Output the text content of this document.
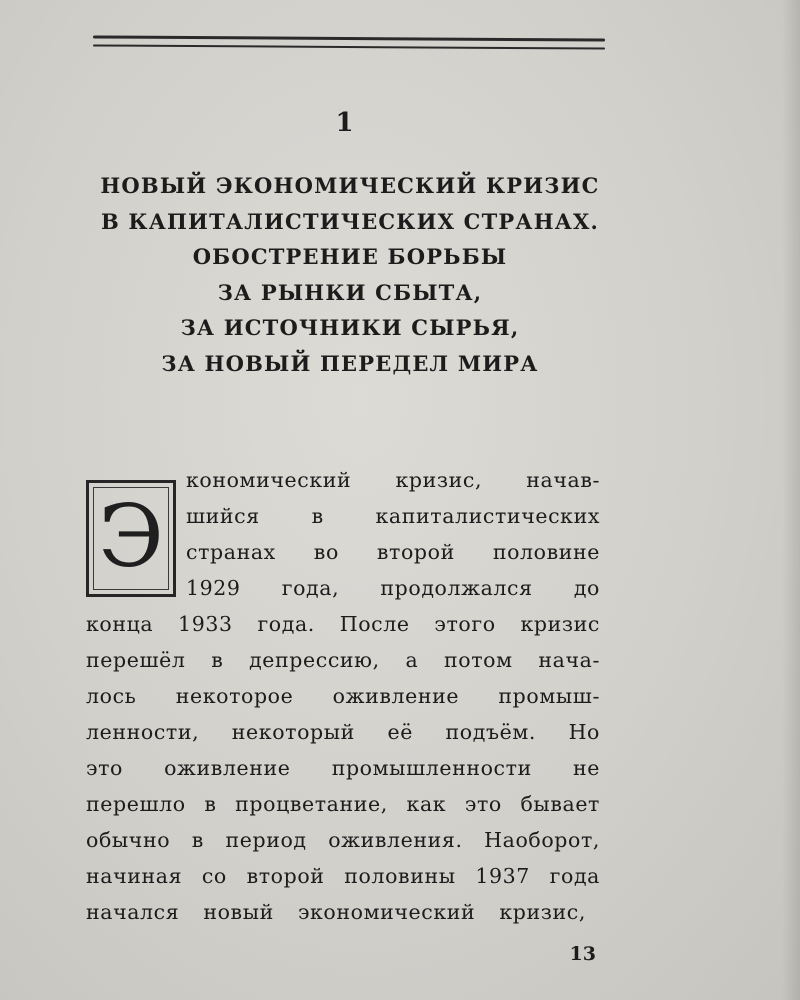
1
НОВЫЙ ЭКОНОМИЧЕСКИЙ КРИЗИС
В КАПИТАЛИСТИЧЕСКИХ СТРАНАХ.
ОБОСТРЕНИЕ БОРЬБЫ
ЗА РЫНКИ СБЫТА,
ЗА ИСТОЧНИКИ СЫРЬЯ,
ЗА НОВЫЙ ПЕРЕДЕЛ МИРА
Э
кономический кризис, начав-
шийся в капиталистических
странах во второй половине
1929 года, продолжался до
конца 1933 года. После этого кризис
перешёл в депрессию, а потом нача-
лось некоторое оживление промыш-
ленности, некоторый её подъём. Но
это оживление промышленности не
перешло в процветание, как это бывает
обычно в период оживления. Наоборот,
начиная со второй половины 1937 года
начался новый экономический кризис,
13
